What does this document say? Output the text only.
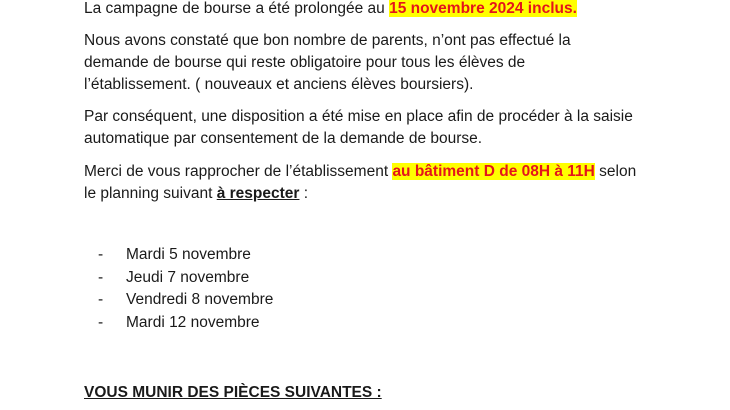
La campagne de bourse a été prolongée au 15 novembre 2024 inclus.

Nous avons constaté que bon nombre de parents, n’ont pas effectué la
demande de bourse qui reste obligatoire pour tous les élèves de
l’établissement. ( nouveaux et anciens élèves boursiers).

Par conséquent, une disposition a été mise en place afin de procéder à la saisie
automatique par consentement de la demande de bourse.

Merci de vous rapprocher de l’établissement au bâtiment D de 08H à 11H selon
le planning suivant à respecter :

- Mardi 5 novembre
- Jeudi 7 novembre
- Vendredi 8 novembre
- Mardi 12 novembre

VOUS MUNIR DES PIÈCES SUIVANTES :
